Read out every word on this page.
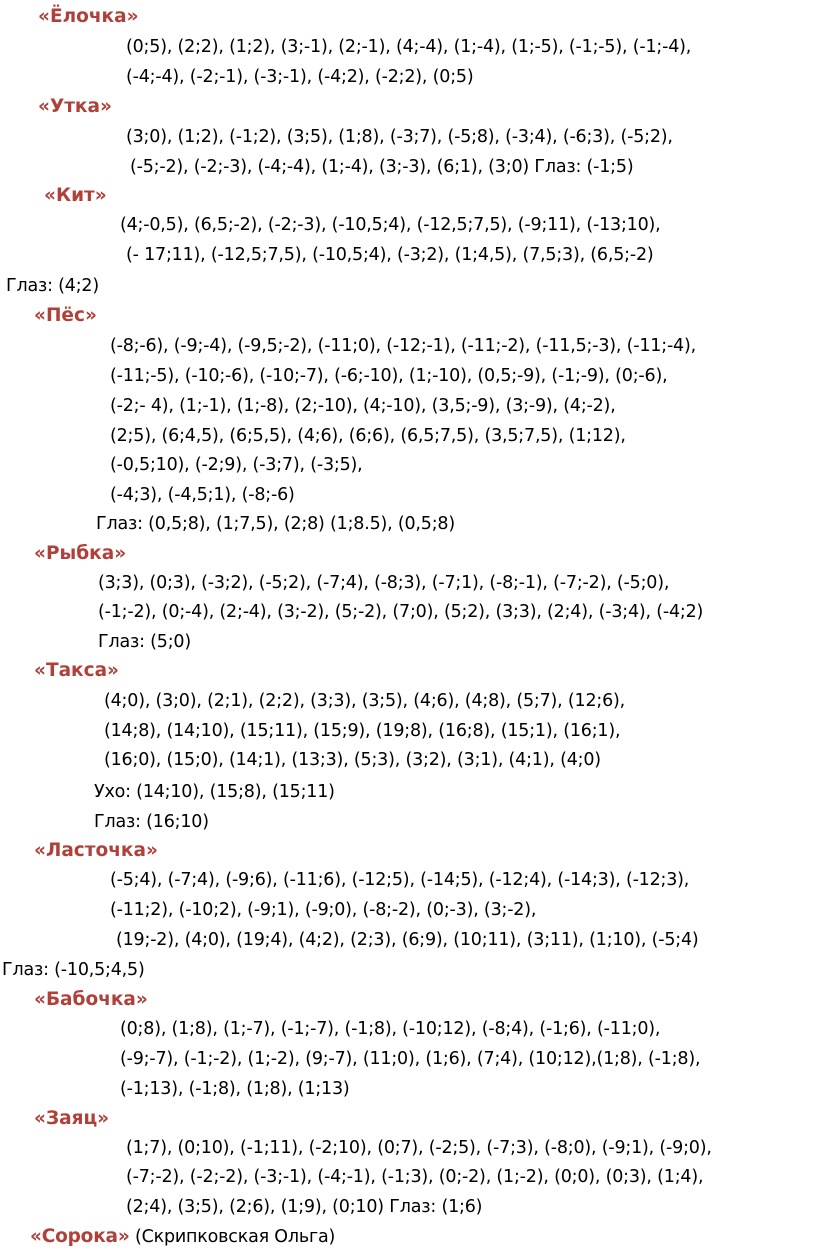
«Ёлочка»
(0;5), (2;2), (1;2), (3;-1), (2;-1), (4;-4), (1;-4), (1;-5), (-1;-5), (-1;-4),
(-4;-4), (-2;-1), (-3;-1), (-4;2), (-2;2), (0;5)
«Утка»
(3;0), (1;2), (-1;2), (3;5), (1;8), (-3;7), (-5;8), (-3;4), (-6;3), (-5;2),
(-5;-2), (-2;-3), (-4;-4), (1;-4), (3;-3), (6;1), (3;0) Глаз: (-1;5)
«Кит»
(4;-0,5), (6,5;-2), (-2;-3), (-10,5;4), (-12,5;7,5), (-9;11), (-13;10),
(- 17;11), (-12,5;7,5), (-10,5;4), (-3;2), (1;4,5), (7,5;3), (6,5;-2)
Глаз: (4;2)
«Пёс»
(-8;-6), (-9;-4), (-9,5;-2), (-11;0), (-12;-1), (-11;-2), (-11,5;-3), (-11;-4),
(-11;-5), (-10;-6), (-10;-7), (-6;-10), (1;-10), (0,5;-9), (-1;-9), (0;-6),
(-2;- 4), (1;-1), (1;-8), (2;-10), (4;-10), (3,5;-9), (3;-9), (4;-2),
(2;5), (6;4,5), (6;5,5), (4;6), (6;6), (6,5;7,5), (3,5;7,5), (1;12),
(-0,5;10), (-2;9), (-3;7), (-3;5),
(-4;3), (-4,5;1), (-8;-6)
Глаз: (0,5;8), (1;7,5), (2;8) (1;8.5), (0,5;8)
«Рыбка»
(3;3), (0;3), (-3;2), (-5;2), (-7;4), (-8;3), (-7;1), (-8;-1), (-7;-2), (-5;0),
(-1;-2), (0;-4), (2;-4), (3;-2), (5;-2), (7;0), (5;2), (3;3), (2;4), (-3;4), (-4;2)
Глаз: (5;0)
«Такса»
(4;0), (3;0), (2;1), (2;2), (3;3), (3;5), (4;6), (4;8), (5;7), (12;6),
(14;8), (14;10), (15;11), (15;9), (19;8), (16;8), (15;1), (16;1),
(16;0), (15;0), (14;1), (13;3), (5;3), (3;2), (3;1), (4;1), (4;0)
Ухо: (14;10), (15;8), (15;11)
Глаз: (16;10)
«Ласточка»
(-5;4), (-7;4), (-9;6), (-11;6), (-12;5), (-14;5), (-12;4), (-14;3), (-12;3),
(-11;2), (-10;2), (-9;1), (-9;0), (-8;-2), (0;-3), (3;-2),
(19;-2), (4;0), (19;4), (4;2), (2;3), (6;9), (10;11), (3;11), (1;10), (-5;4)
Глаз: (-10,5;4,5)
«Бабочка»
(0;8), (1;8), (1;-7), (-1;-7), (-1;8), (-10;12), (-8;4), (-1;6), (-11;0),
(-9;-7), (-1;-2), (1;-2), (9;-7), (11;0), (1;6), (7;4), (10;12),(1;8), (-1;8),
(-1;13), (-1;8), (1;8), (1;13)
«Заяц»
(1;7), (0;10), (-1;11), (-2;10), (0;7), (-2;5), (-7;3), (-8;0), (-9;1), (-9;0),
(-7;-2), (-2;-2), (-3;-1), (-4;-1), (-1;3), (0;-2), (1;-2), (0;0), (0;3), (1;4),
(2;4), (3;5), (2;6), (1;9), (0;10) Глаз: (1;6)
«Сорока» (Скрипковская Ольга)
